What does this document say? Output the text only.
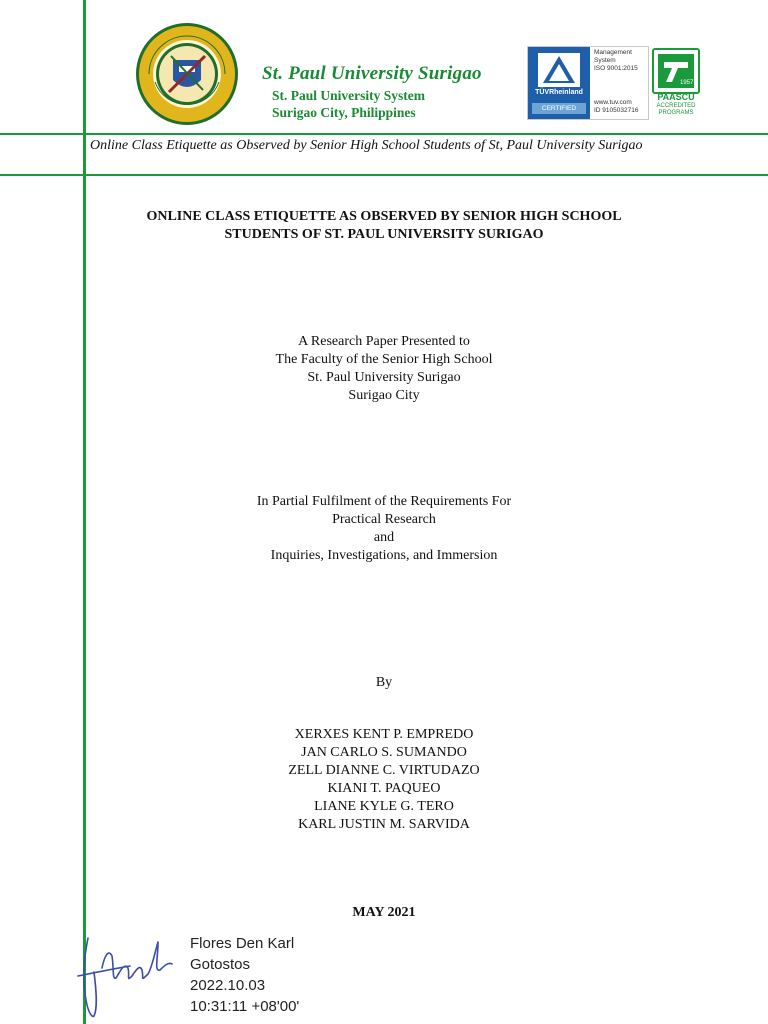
St. Paul University Surigao
St. Paul University System
Surigao City, Philippines
TÜVRheinland
CERTIFIED
Management
System
ISO 9001:2015
www.tuv.com
ID 9105032716
1957
PAASCU
ACCREDITED
PROGRAMS
Online Class Etiquette as Observed by Senior High School Students of St, Paul University Surigao
ONLINE CLASS ETIQUETTE AS OBSERVED BY SENIOR HIGH SCHOOL
STUDENTS OF ST. PAUL UNIVERSITY SURIGAO
A Research Paper Presented to
The Faculty of the Senior High School
St. Paul University Surigao
Surigao City
In Partial Fulfilment of the Requirements For
Practical Research
and
Inquiries, Investigations, and Immersion
By
XERXES KENT P. EMPREDO
JAN CARLO S. SUMANDO
ZELL DIANNE C. VIRTUDAZO
KIANI T. PAQUEO
LIANE KYLE G. TERO
KARL JUSTIN M. SARVIDA
MAY 2021
Flores Den Karl
Gotostos
2022.10.03
10:31:11 +08'00'
